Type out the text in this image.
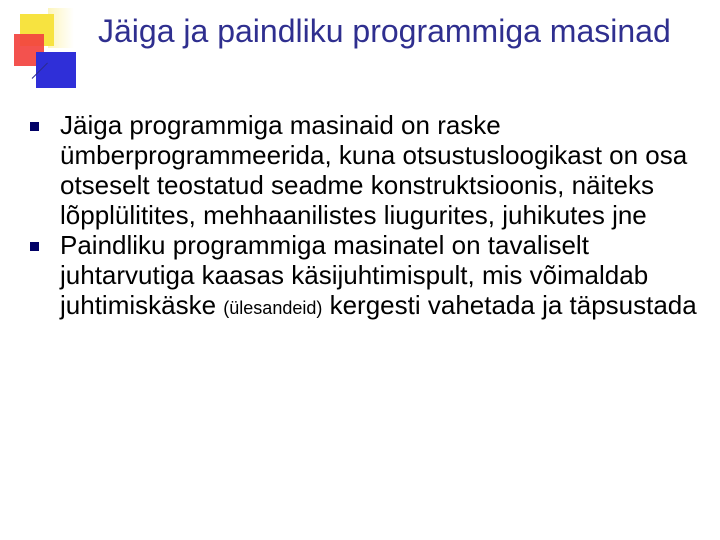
Jäiga ja paindliku programmiga masinad
Jäiga programmiga masinaid on raske ümberprogrammeerida, kuna otsustusloogikast on osa otseselt teostatud seadme konstruktsioonis, näiteks lõpplülitites, mehhaanilistes liugurites, juhikutes jne
Paindliku programmiga masinatel on tavaliselt juhtarvutiga kaasas käsijuhtimispult, mis võimaldab juhtimiskäske (ülesandeid) kergesti vahetada ja täpsustada
